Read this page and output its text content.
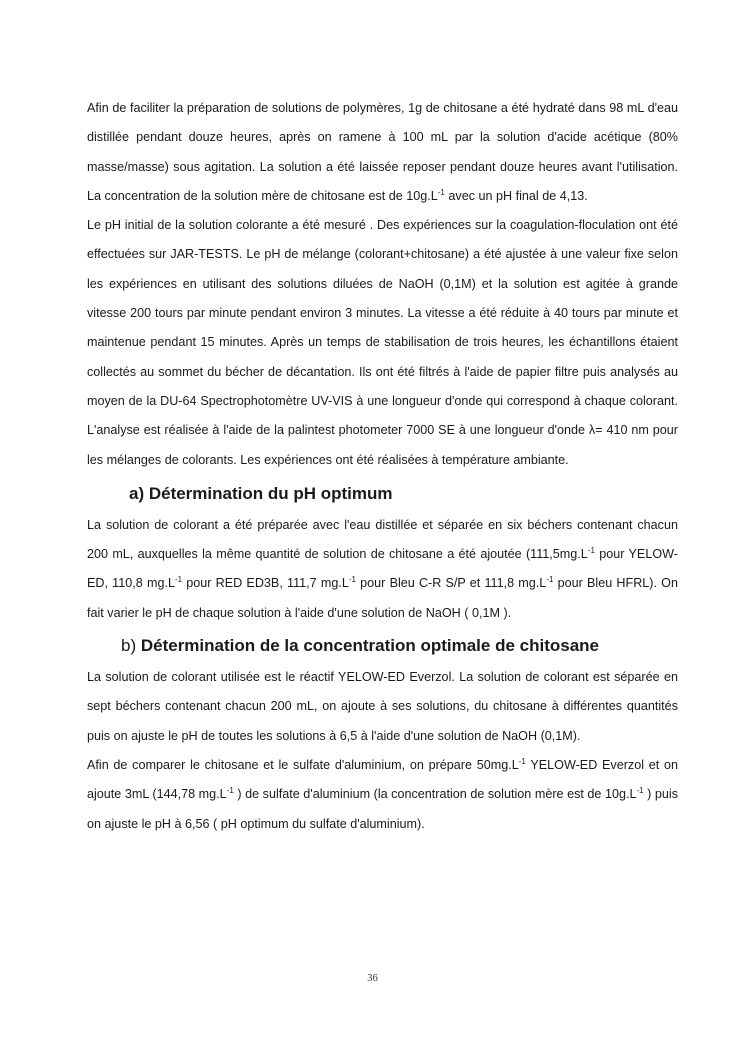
Afin de faciliter la préparation de solutions de polymères, 1g de chitosane a été hydraté dans 98 mL d'eau distillée pendant douze heures, après on ramene à 100 mL par la solution d'acide acétique (80% masse/masse) sous agitation. La solution a été laissée reposer pendant douze heures avant l'utilisation. La concentration de la solution mère de chitosane est de $10g.L^{-1}$ avec un pH final de 4,13.

Le pH initial de la solution colorante a été mesuré . Des expériences sur la coagulation-floculation ont été effectuées sur JAR-TESTS. Le pH de mélange (colorant+chitosane) a été ajustée à une valeur fixe selon les expériences en utilisant des solutions diluées de NaOH (0,1M) et la solution est agitée à grande vitesse 200 tours par minute pendant environ 3 minutes. La vitesse a été réduite à 40 tours par minute et maintenue pendant 15 minutes. Après un temps de stabilisation de trois heures, les échantillons étaient collectés au sommet du bécher de décantation. Ils ont été filtrés à l'aide de papier filtre puis analysés au moyen de la DU-64 Spectrophotomètre UV-VIS à une longueur d'onde qui correspond à chaque colorant. L'analyse est réalisée à l'aide de la palintest photometer 7000 SE à une longueur d'onde λ= 410 nm pour les mélanges de colorants. Les expériences ont été réalisées à température ambiante.

a) Détermination du pH optimum

La solution de colorant a été préparée avec l'eau distillée et séparée en six béchers contenant chacun 200 mL, auxquelles la même quantité de solution de chitosane a été ajoutée ($111,5mg.L^{-1}$ pour YELOW-ED, 110,8 $mg.L^{-1}$ pour RED ED3B, 111,7 $mg.L^{-1}$ pour Bleu C-R S/P et 111,8 $mg.L^{-1}$ pour Bleu HFRL). On fait varier le pH de chaque solution à l'aide d'une solution de NaOH ( 0,1M ).

b) Détermination de la concentration optimale de chitosane

La solution de colorant utilisée est le réactif YELOW-ED Everzol. La solution de colorant est séparée en sept béchers contenant chacun 200 mL, on ajoute à ses solutions, du chitosane à différentes quantités puis on ajuste le pH de toutes les solutions à 6,5 à l'aide d'une solution de NaOH (0,1M).

Afin de comparer le chitosane et le sulfate d'aluminium, on prépare $50mg.L^{-1}$ YELOW-ED Everzol et on ajoute 3mL (144,78 $mg.L^{-1}$ ) de sulfate d'aluminium (la concentration de solution mère est de $10g.L^{-1}$ ) puis on ajuste le pH à 6,56 ( pH optimum du sulfate d'aluminium).

36
